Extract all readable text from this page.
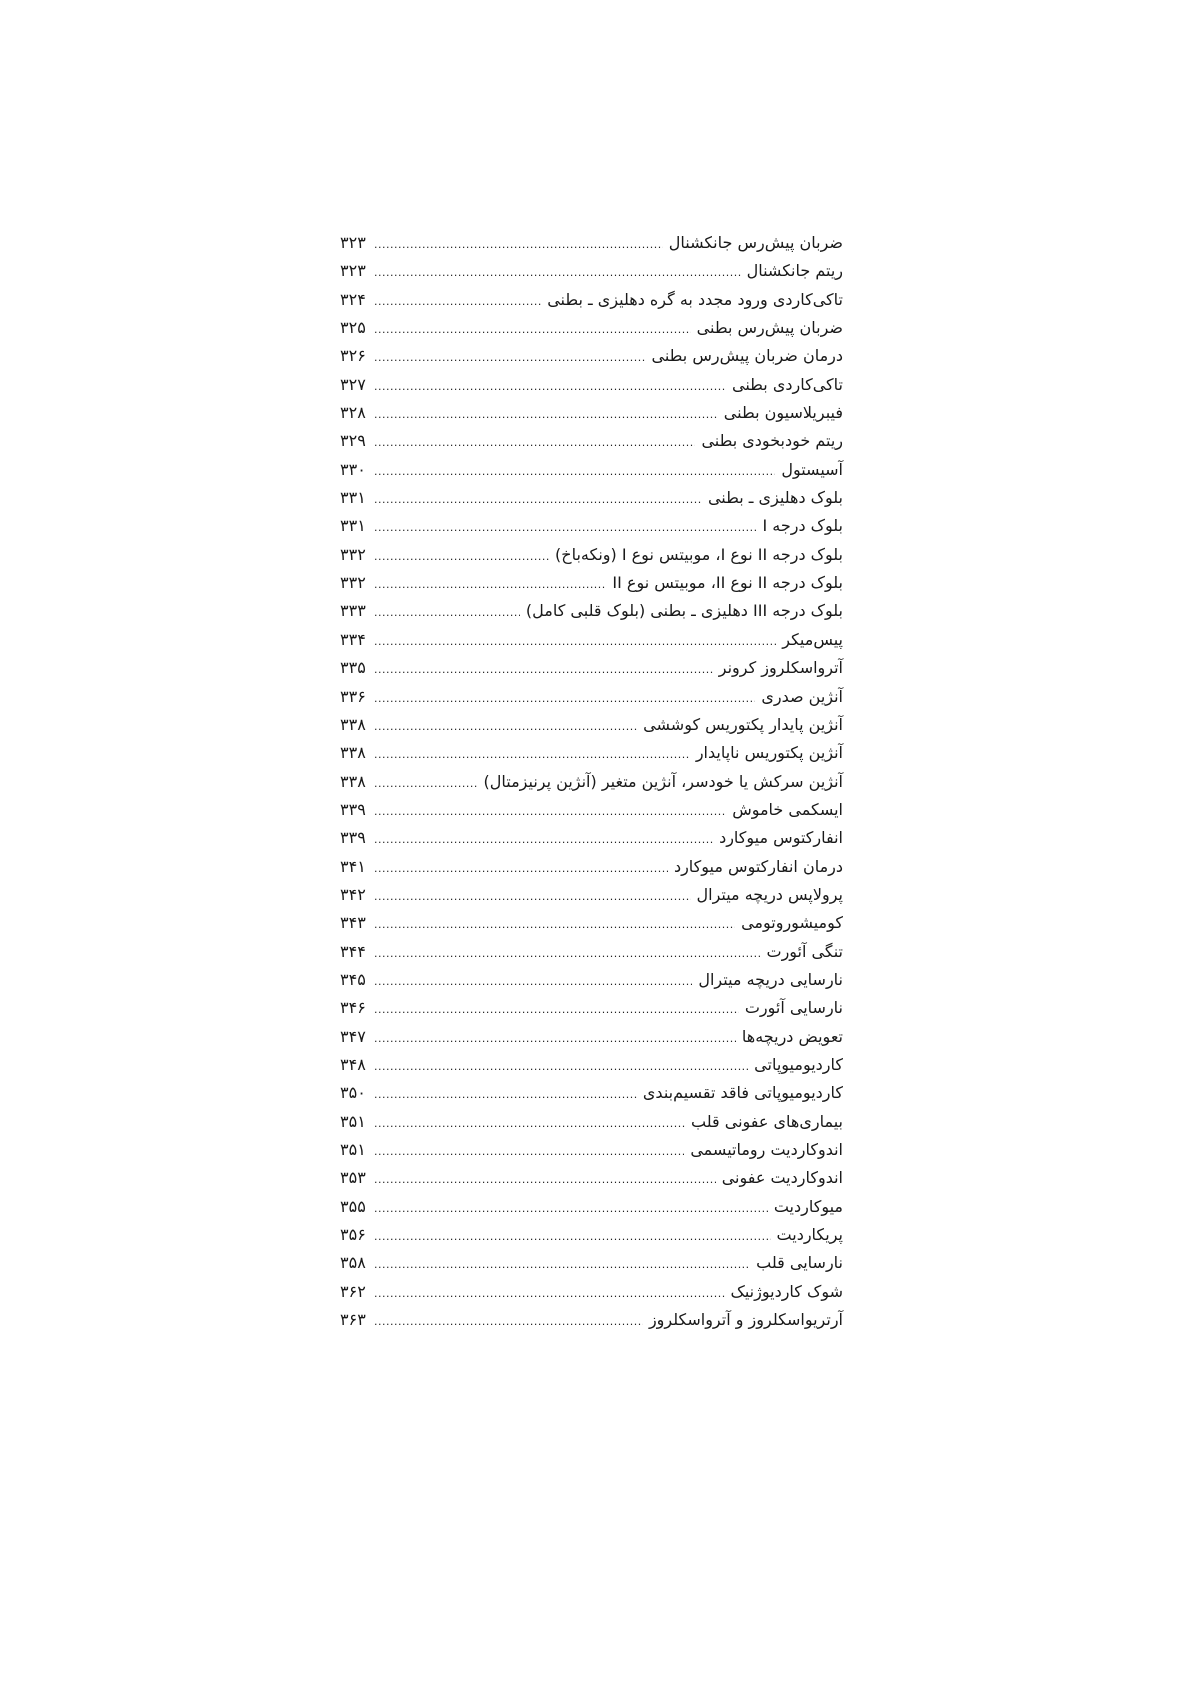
ضربان پیش‌رس جانکشنال
.....
۳۲۳
ریتم جانکشنال
.....
۳۲۳
تاکی‌کاردی ورود مجدد به گره دهلیزی ـ بطنی
.....
۳۲۴
ضربان پیش‌رس بطنی
.....
۳۲۵
درمان ضربان پیش‌رس بطنی
.....
۳۲۶
تاکی‌کاردی بطنی
.....
۳۲۷
فیبریلاسیون بطنی
.....
۳۲۸
ریتم خودبخودی بطنی
.....
۳۲۹
آسیستول
.....
۳۳۰
بلوک دهلیزی ـ بطنی
.....
۳۳۱
بلوک درجه I
.....
۳۳۱
بلوک درجه II نوع I، موبیتس نوع I (ونکه‌باخ)
.....
۳۳۲
بلوک درجه II نوع II، موبیتس نوع II
.....
۳۳۲
بلوک درجه III دهلیزی ـ بطنی (بلوک قلبی کامل)
.....
۳۳۳
پیس‌میکر
.....
۳۳۴
آترواسکلروز کرونر
.....
۳۳۵
آنژین صدری
.....
۳۳۶
آنژین پایدار پکتوریس کوششی
.....
۳۳۸
آنژین پکتوریس ناپایدار
.....
۳۳۸
آنژین سرکش یا خودسر، آنژین متغیر (آنژین پرنیزمتال)
.....
۳۳۸
ایسکمی خاموش
.....
۳۳۹
انفارکتوس میوکارد
.....
۳۳۹
درمان انفارکتوس میوکارد
.....
۳۴۱
پرولاپس دریچه میترال
.....
۳۴۲
کومیشوروتومی
.....
۳۴۳
تنگی آئورت
.....
۳۴۴
نارسایی دریچه میترال
.....
۳۴۵
نارسایی آئورت
.....
۳۴۶
تعویض دریچه‌ها
.....
۳۴۷
کاردیومیوپاتی
.....
۳۴۸
کاردیومیوپاتی فاقد تقسیم‌بندی
.....
۳۵۰
بیماری‌های عفونی قلب
.....
۳۵۱
اندوکاردیت روماتیسمی
.....
۳۵۱
اندوکاردیت عفونی
.....
۳۵۳
میوکاردیت
.....
۳۵۵
پریکاردیت
.....
۳۵۶
نارسایی قلب
.....
۳۵۸
شوک کاردیوژنیک
.....
۳۶۲
آرتریواسکلروز و آترواسکلروز
.....
۳۶۳
